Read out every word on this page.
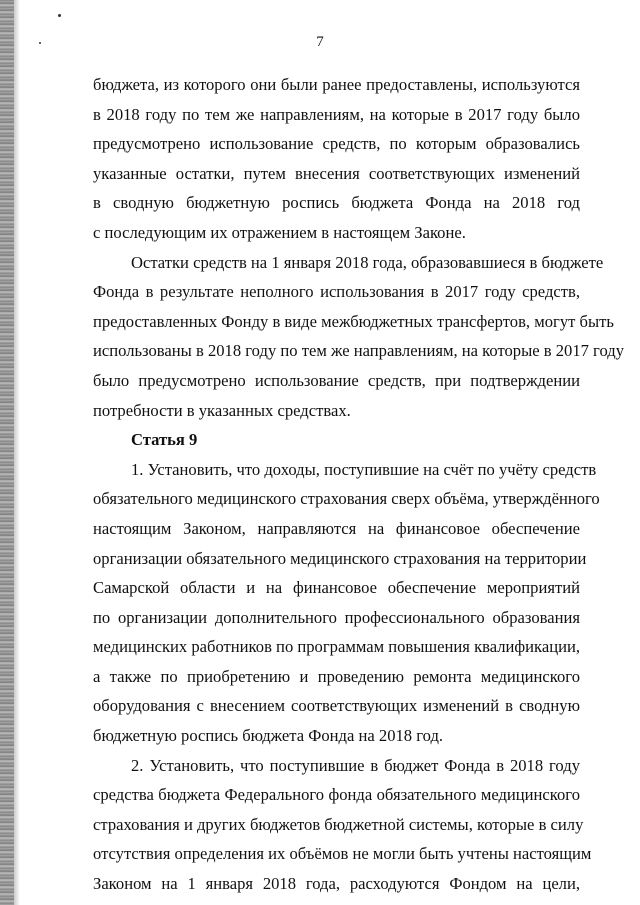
7
бюджета, из которого они были ранее предоставлены, используются
в 2018 году по тем же направлениям, на которые в 2017 году было
предусмотрено использование средств, по которым образовались
указанные остатки, путем внесения соответствующих изменений
в сводную бюджетную роспись бюджета Фонда на 2018 год
с последующим их отражением в настоящем Законе.
Остатки средств на 1 января 2018 года, образовавшиеся в бюджете
Фонда в результате неполного использования в 2017 году средств,
предоставленных Фонду в виде межбюджетных трансфертов, могут быть
использованы в 2018 году по тем же направлениям, на которые в 2017 году
было предусмотрено использование средств, при подтверждении
потребности в указанных средствах.
Статья 9
1. Установить, что доходы, поступившие на счёт по учёту средств
обязательного медицинского страхования сверх объёма, утверждённого
настоящим Законом, направляются на финансовое обеспечение
организации обязательного медицинского страхования на территории
Самарской области и на финансовое обеспечение мероприятий
по организации дополнительного профессионального образования
медицинских работников по программам повышения квалификации,
а также по приобретению и проведению ремонта медицинского
оборудования с внесением соответствующих изменений в сводную
бюджетную роспись бюджета Фонда на 2018 год.
2. Установить, что поступившие в бюджет Фонда в 2018 году
средства бюджета Федерального фонда обязательного медицинского
страхования и других бюджетов бюджетной системы, которые в силу
отсутствия определения их объёмов не могли быть учтены настоящим
Законом на 1 января 2018 года, расходуются Фондом на цели,
